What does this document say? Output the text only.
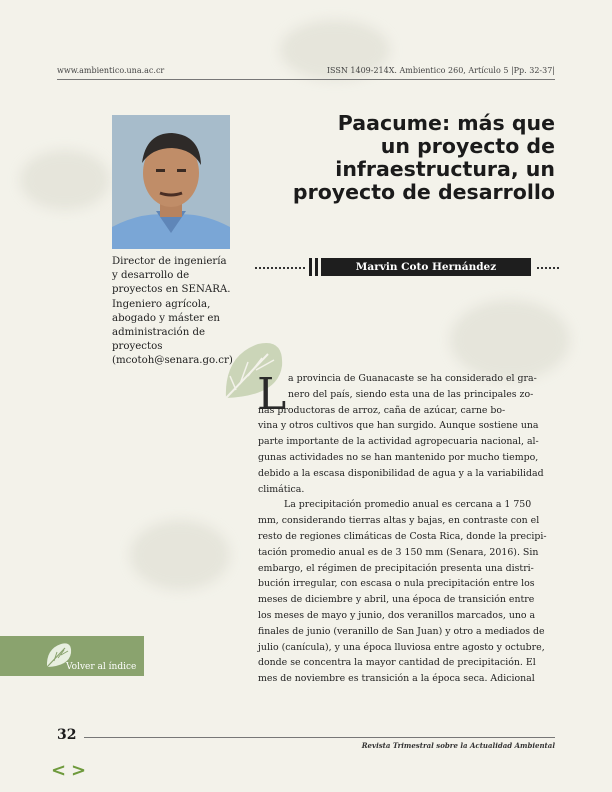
www.ambientico.una.ac.cr	ISSN 1409-214X. Ambientico 260, Artículo 5 |Pp. 32-37|
Director de ingeniería
y desarrollo de
proyectos en SENARA.
Ingeniero agrícola,
abogado y máster en
administración de
proyectos
(mcotoh@senara.go.cr)
Paacume: más que
un proyecto de
infraestructura, un
proyecto de desarrollo
Marvin Coto Hernández
L a provincia de Guanacaste se ha considerado el gra-
nero del país, siendo esta una de las principales zo-
nas productoras de arroz, caña de azúcar, carne bo-
vina y otros cultivos que han surgido. Aunque sostiene una
parte importante de la actividad agropecuaria nacional, al-
gunas actividades no se han mantenido por mucho tiempo,
debido a la escasa disponibilidad de agua y a la variabilidad
climática.
La precipitación promedio anual es cercana a 1 750
mm, considerando tierras altas y bajas, en contraste con el
resto de regiones climáticas de Costa Rica, donde la precipi-
tación promedio anual es de 3 150 mm (Senara, 2016). Sin
embargo, el régimen de precipitación presenta una distri-
bución irregular, con escasa o nula precipitación entre los
meses de diciembre y abril, una época de transición entre
los meses de mayo y junio, dos veranillos marcados, uno a
finales de junio (veranillo de San Juan) y otro a mediados de
julio (canícula), y una época lluviosa entre agosto y octubre,
donde se concentra la mayor cantidad de precipitación. El
mes de noviembre es transición a la época seca. Adicional
Volver al índice
32
Revista Trimestral sobre la Actualidad Ambiental
< >
